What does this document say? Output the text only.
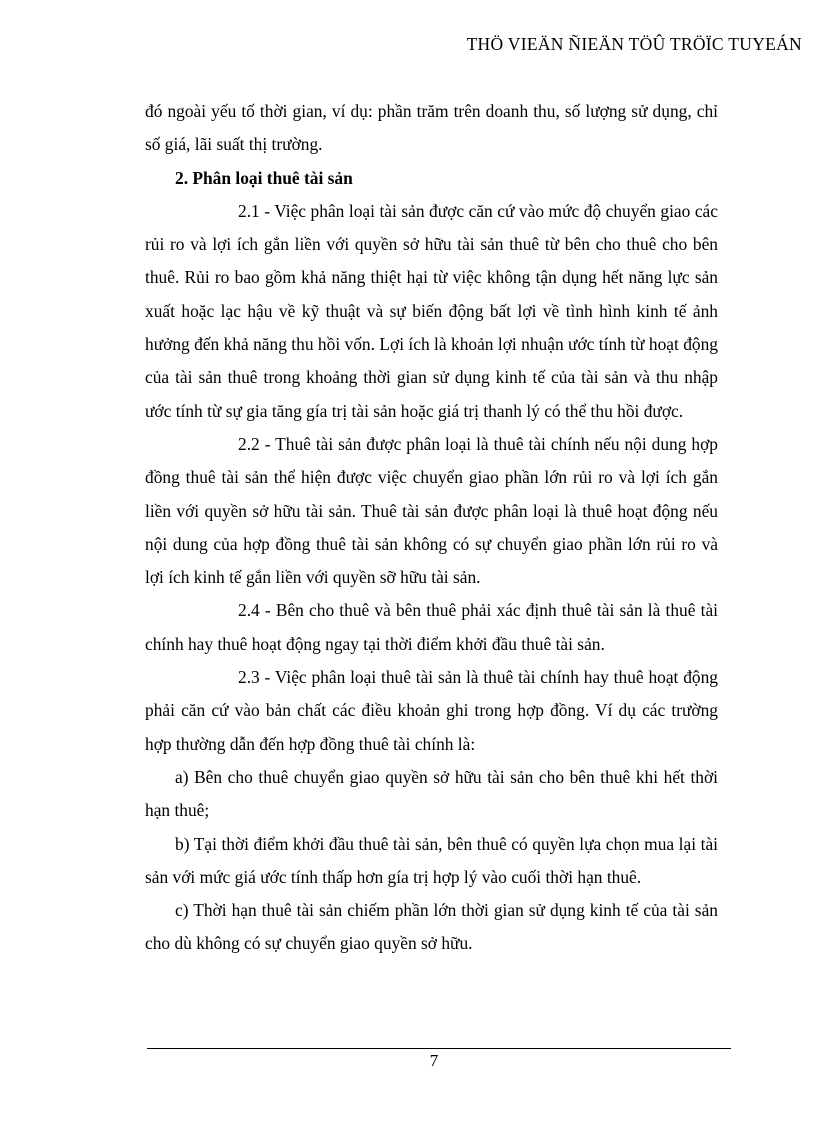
THÖ VIEÄN ÑIEÄN TÖÛ TRÖÏC TUYEÁN

đó ngoài yếu tố thời gian, ví dụ: phần trăm trên doanh thu, số lượng sử dụng, chỉ số giá, lãi suất thị trường.

2. Phân loại thuê tài sản

2.1 - Việc phân loại tài sản được căn cứ vào mức độ chuyển giao các rủi ro và lợi ích gắn liền với quyền sở hữu tài sản thuê từ bên cho thuê cho bên thuê. Rủi ro bao gồm khả năng thiệt hại từ việc không tận dụng hết năng lực sản xuất hoặc lạc hậu về kỹ thuật và sự biến động bất lợi về tình hình kinh tế ảnh hưởng đến khả năng thu hồi vốn. Lợi ích là khoản lợi nhuận ước tính từ hoạt động của tài sản thuê trong khoảng thời gian sử dụng kinh tế của tài sản và thu nhập ước tính từ sự gia tăng gía trị tài sản hoặc giá trị thanh lý có thể thu hồi được.

2.2 - Thuê tài sản được phân loại là thuê tài chính nếu nội dung hợp đồng thuê tài sản thể hiện được việc chuyển giao phần lớn rủi ro và lợi ích gắn liền với quyền sở hữu tài sản. Thuê tài sản được phân loại là thuê hoạt động nếu nội dung của hợp đồng thuê tài sản không có sự chuyển giao phần lớn rủi ro và lợi ích kinh tế gắn liền với quyền sỡ hữu tài sản.

2.4 - Bên cho thuê và bên thuê phải xác định thuê tài sản là thuê tài chính hay thuê hoạt động ngay tại thời điểm khởi đầu thuê tài sản.

2.3 - Việc phân loại thuê tài sản là thuê tài chính hay thuê hoạt động phải căn cứ vào bản chất các điều khoản ghi trong hợp đồng. Ví dụ các trường hợp thường dẫn đến hợp đồng thuê tài chính là:

a) Bên cho thuê chuyển giao quyền sở hữu tài sản cho bên thuê khi hết thời hạn thuê;

b) Tại thời điểm khởi đầu thuê tài sản, bên thuê có quyền lựa chọn mua lại tài sản với mức giá ước tính thấp hơn gía trị hợp lý vào cuối thời hạn thuê.

c) Thời hạn thuê tài sản chiếm phần lớn thời gian sử dụng kinh tế của tài sản cho dù không có sự chuyển giao quyền sở hữu.

7
